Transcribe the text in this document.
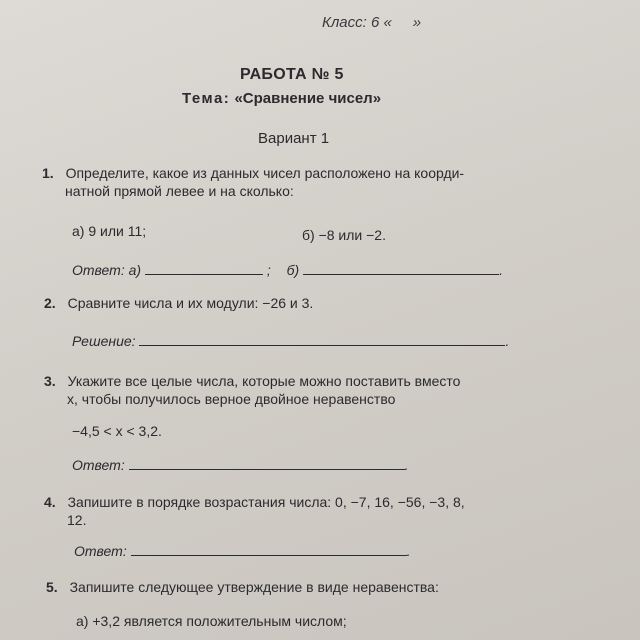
Класс: 6 « »
РАБОТА № 5
Тема: «Сравнение чисел»
Вариант 1
1. Определите, какое из данных чисел расположено на коорди-
натной прямой левее и на сколько:
а) 9 или 11;	б) −8 или −2.
Ответ: а)	; б)	.
2. Сравните числа и их модули: −26 и 3.
Решение:	.
3. Укажите все целые числа, которые можно поставить вместо
x, чтобы получилось верное двойное неравенство
−4,5 < x < 3,2.
Ответ:	.
4. Запишите в порядке возрастания числа: 0, −7, 16, −56, −3, 8,
12.
Ответ:	.
5. Запишите следующее утверждение в виде неравенства:
а) +3,2 является положительным числом;
